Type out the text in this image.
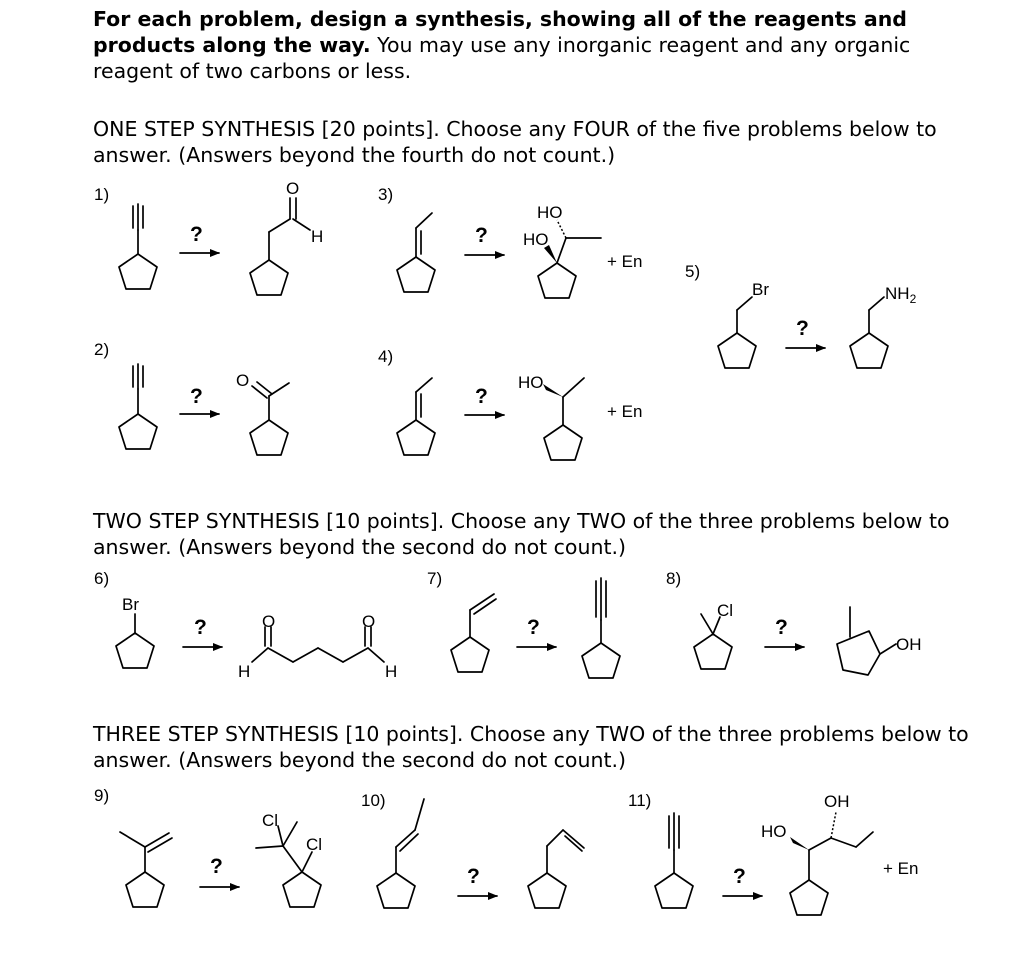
For each problem, design a synthesis, showing all of the reagents and products along the way. You may use any inorganic reagent and any organic reagent of two carbons or less.
ONE STEP SYNTHESIS [20 points]. Choose any FOUR of the five problems below to answer. (Answers beyond the fourth do not count.)
TWO STEP SYNTHESIS [10 points]. Choose any TWO of the three problems below to answer. (Answers beyond the second do not count.)
THREE STEP SYNTHESIS [10 points]. Choose any TWO of the three problems below to answer. (Answers beyond the second do not count.)
1)
?
O
H
2)
?
O
3)
? HO
HO
+ En
4)
?
HO
+ En
5)
Br
?
$NH_2$
6)
Br
?	O	O
H	H
7)
?
8)
Cl
?
OH
9)
?
Cl
Cl
10)
?
11)
?
HO
OH
+ En
